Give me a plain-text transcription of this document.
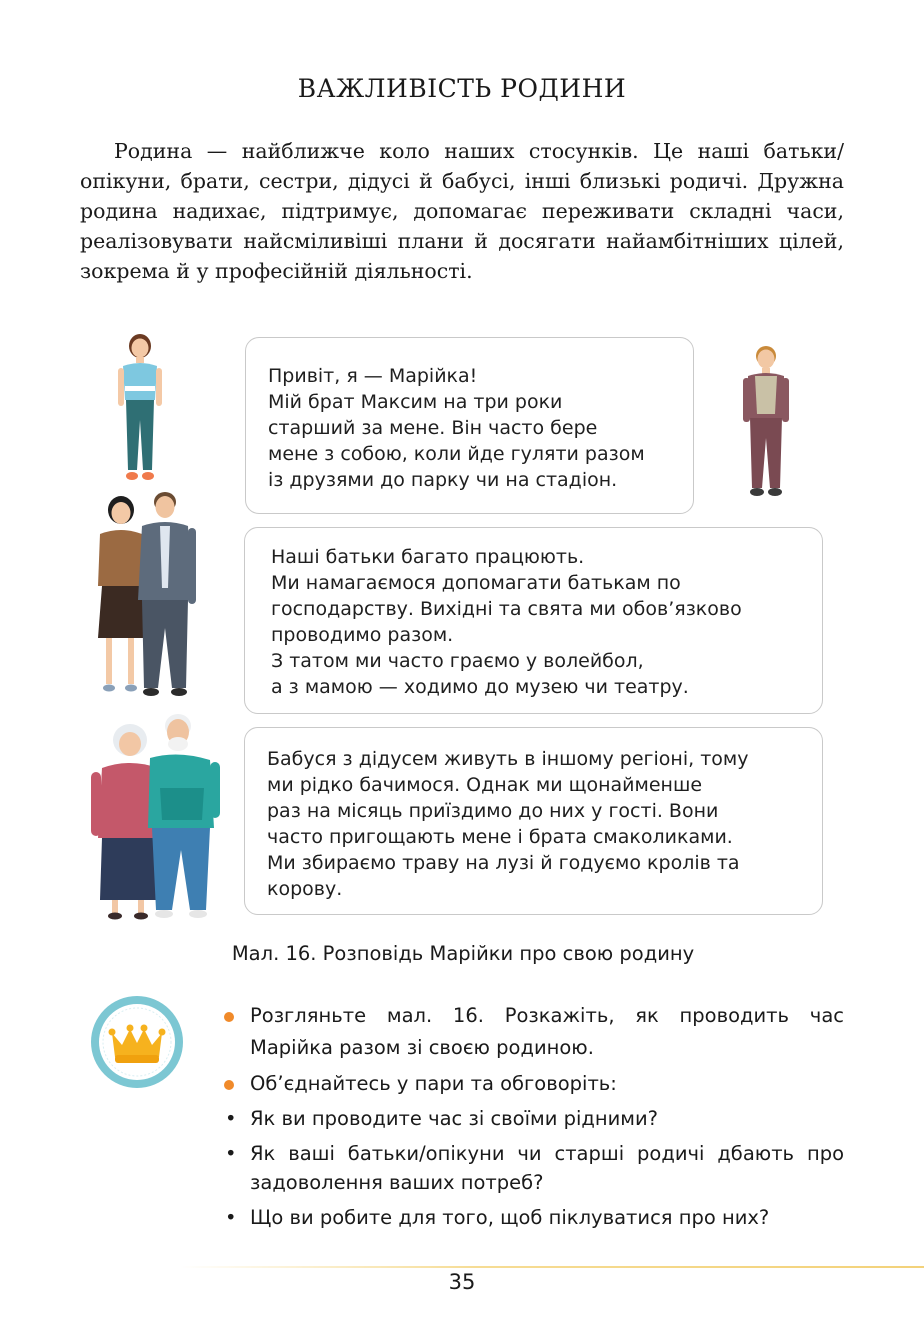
ВАЖЛИВІСТЬ РОДИНИ

Родина — найближче коло наших стосунків. Це наші батьки/опікуни, брати, сестри, дідусі й бабусі, інші близькі родичі. Дружна родина надихає, підтримує, допомагає переживати складні часи, реалізовувати найсміливіші плани й досягати найамбітніших цілей, зокрема й у професійній діяльності.

Привіт, я — Марійка!
Мій брат Максим на три роки
старший за мене. Він часто бере
мене з собою, коли йде гуляти разом
із друзями до парку чи на стадіон.
Наші батьки багато працюють.
Ми намагаємося допомагати батькам по
господарству. Вихідні та свята ми обов’язково
проводимо разом.
З татом ми часто граємо у волейбол,
а з мамою — ходимо до музею чи театру.
Бабуся з дідусем живуть в іншому регіоні, тому
ми рідко бачимося. Однак ми щонайменше
раз на місяць приїздимо до них у гості. Вони
часто пригощають мене і брата смаколиками.
Ми збираємо траву на лузі й годуємо кролів та
корову.
Мал. 16. Розповідь Марійки про свою родину
Розгляньте мал. 16. Розкажіть, як проводить час Марійка разом зі своєю родиною.
Об’єднайтесь у пари та обговоріть:
• Як ви проводите час зі своїми рідними?
• Як ваші батьки/опікуни чи старші родичі дбають про задоволення ваших потреб?
• Що ви робите для того, щоб піклуватися про них?
35
